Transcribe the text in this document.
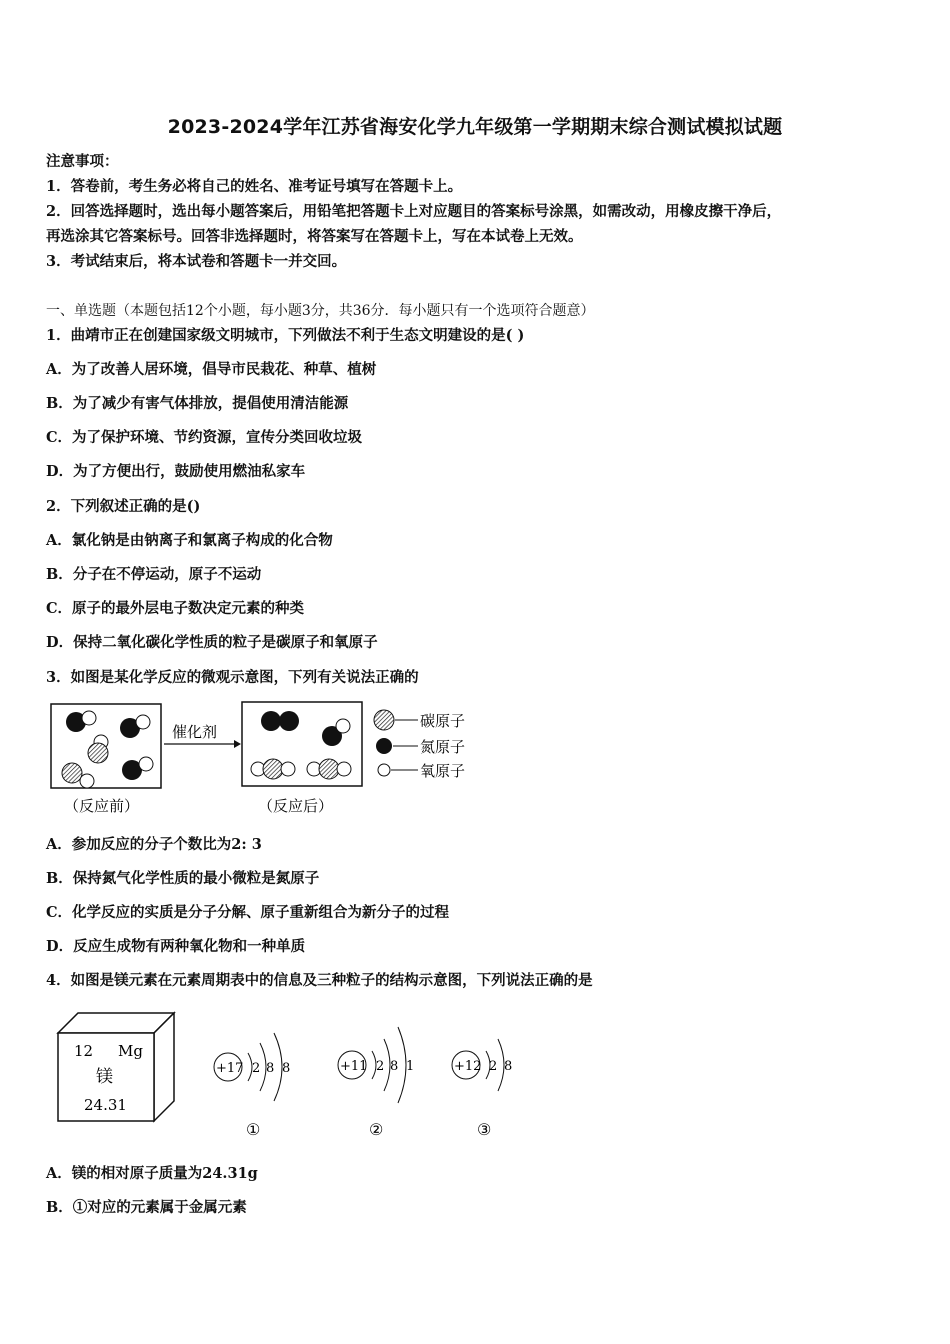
2023-2024学年江苏省海安化学九年级第一学期期末综合测试模拟试题
注意事项：
1．答卷前，考生务必将自己的姓名、准考证号填写在答题卡上。
2．回答选择题时，选出每小题答案后，用铅笔把答题卡上对应题目的答案标号涂黑，如需改动，用橡皮擦干净后，
再选涂其它答案标号。回答非选择题时，将答案写在答题卡上，写在本试卷上无效。
3．考试结束后，将本试卷和答题卡一并交回。
一、单选题（本题包括12个小题，每小题3分，共36分．每小题只有一个选项符合题意）
1．曲靖市正在创建国家级文明城市，下列做法不利于生态文明建设的是( )
A．为了改善人居环境，倡导市民栽花、种草、植树
B．为了减少有害气体排放，提倡使用清洁能源
C．为了保护环境、节约资源，宣传分类回收垃圾
D．为了方便出行，鼓励使用燃油私家车
2．下列叙述正确的是()
A．氯化钠是由钠离子和氯离子构成的化合物
B．分子在不停运动，原子不运动
C．原子的最外层电子数决定元素的种类
D．保持二氧化碳化学性质的粒子是碳原子和氧原子
3．如图是某化学反应的微观示意图，下列有关说法正确的
催化剂
（反应前）	（反应后）
碳原子
氮原子
氧原子
A．参加反应的分子个数比为2: 3
B．保持氮气化学性质的最小微粒是氮原子
C．化学反应的实质是分子分解、原子重新组合为新分子的过程
D．反应生成物有两种氧化物和一种单质
4．如图是镁元素在元素周期表中的信息及三种粒子的结构示意图，下列说法正确的是
12 Mg
镁
24.31
+17 2 8 8
①
+11 2 8 1
②
+12 2 8
③
A．镁的相对原子质量为24.31g
B．①对应的元素属于金属元素
